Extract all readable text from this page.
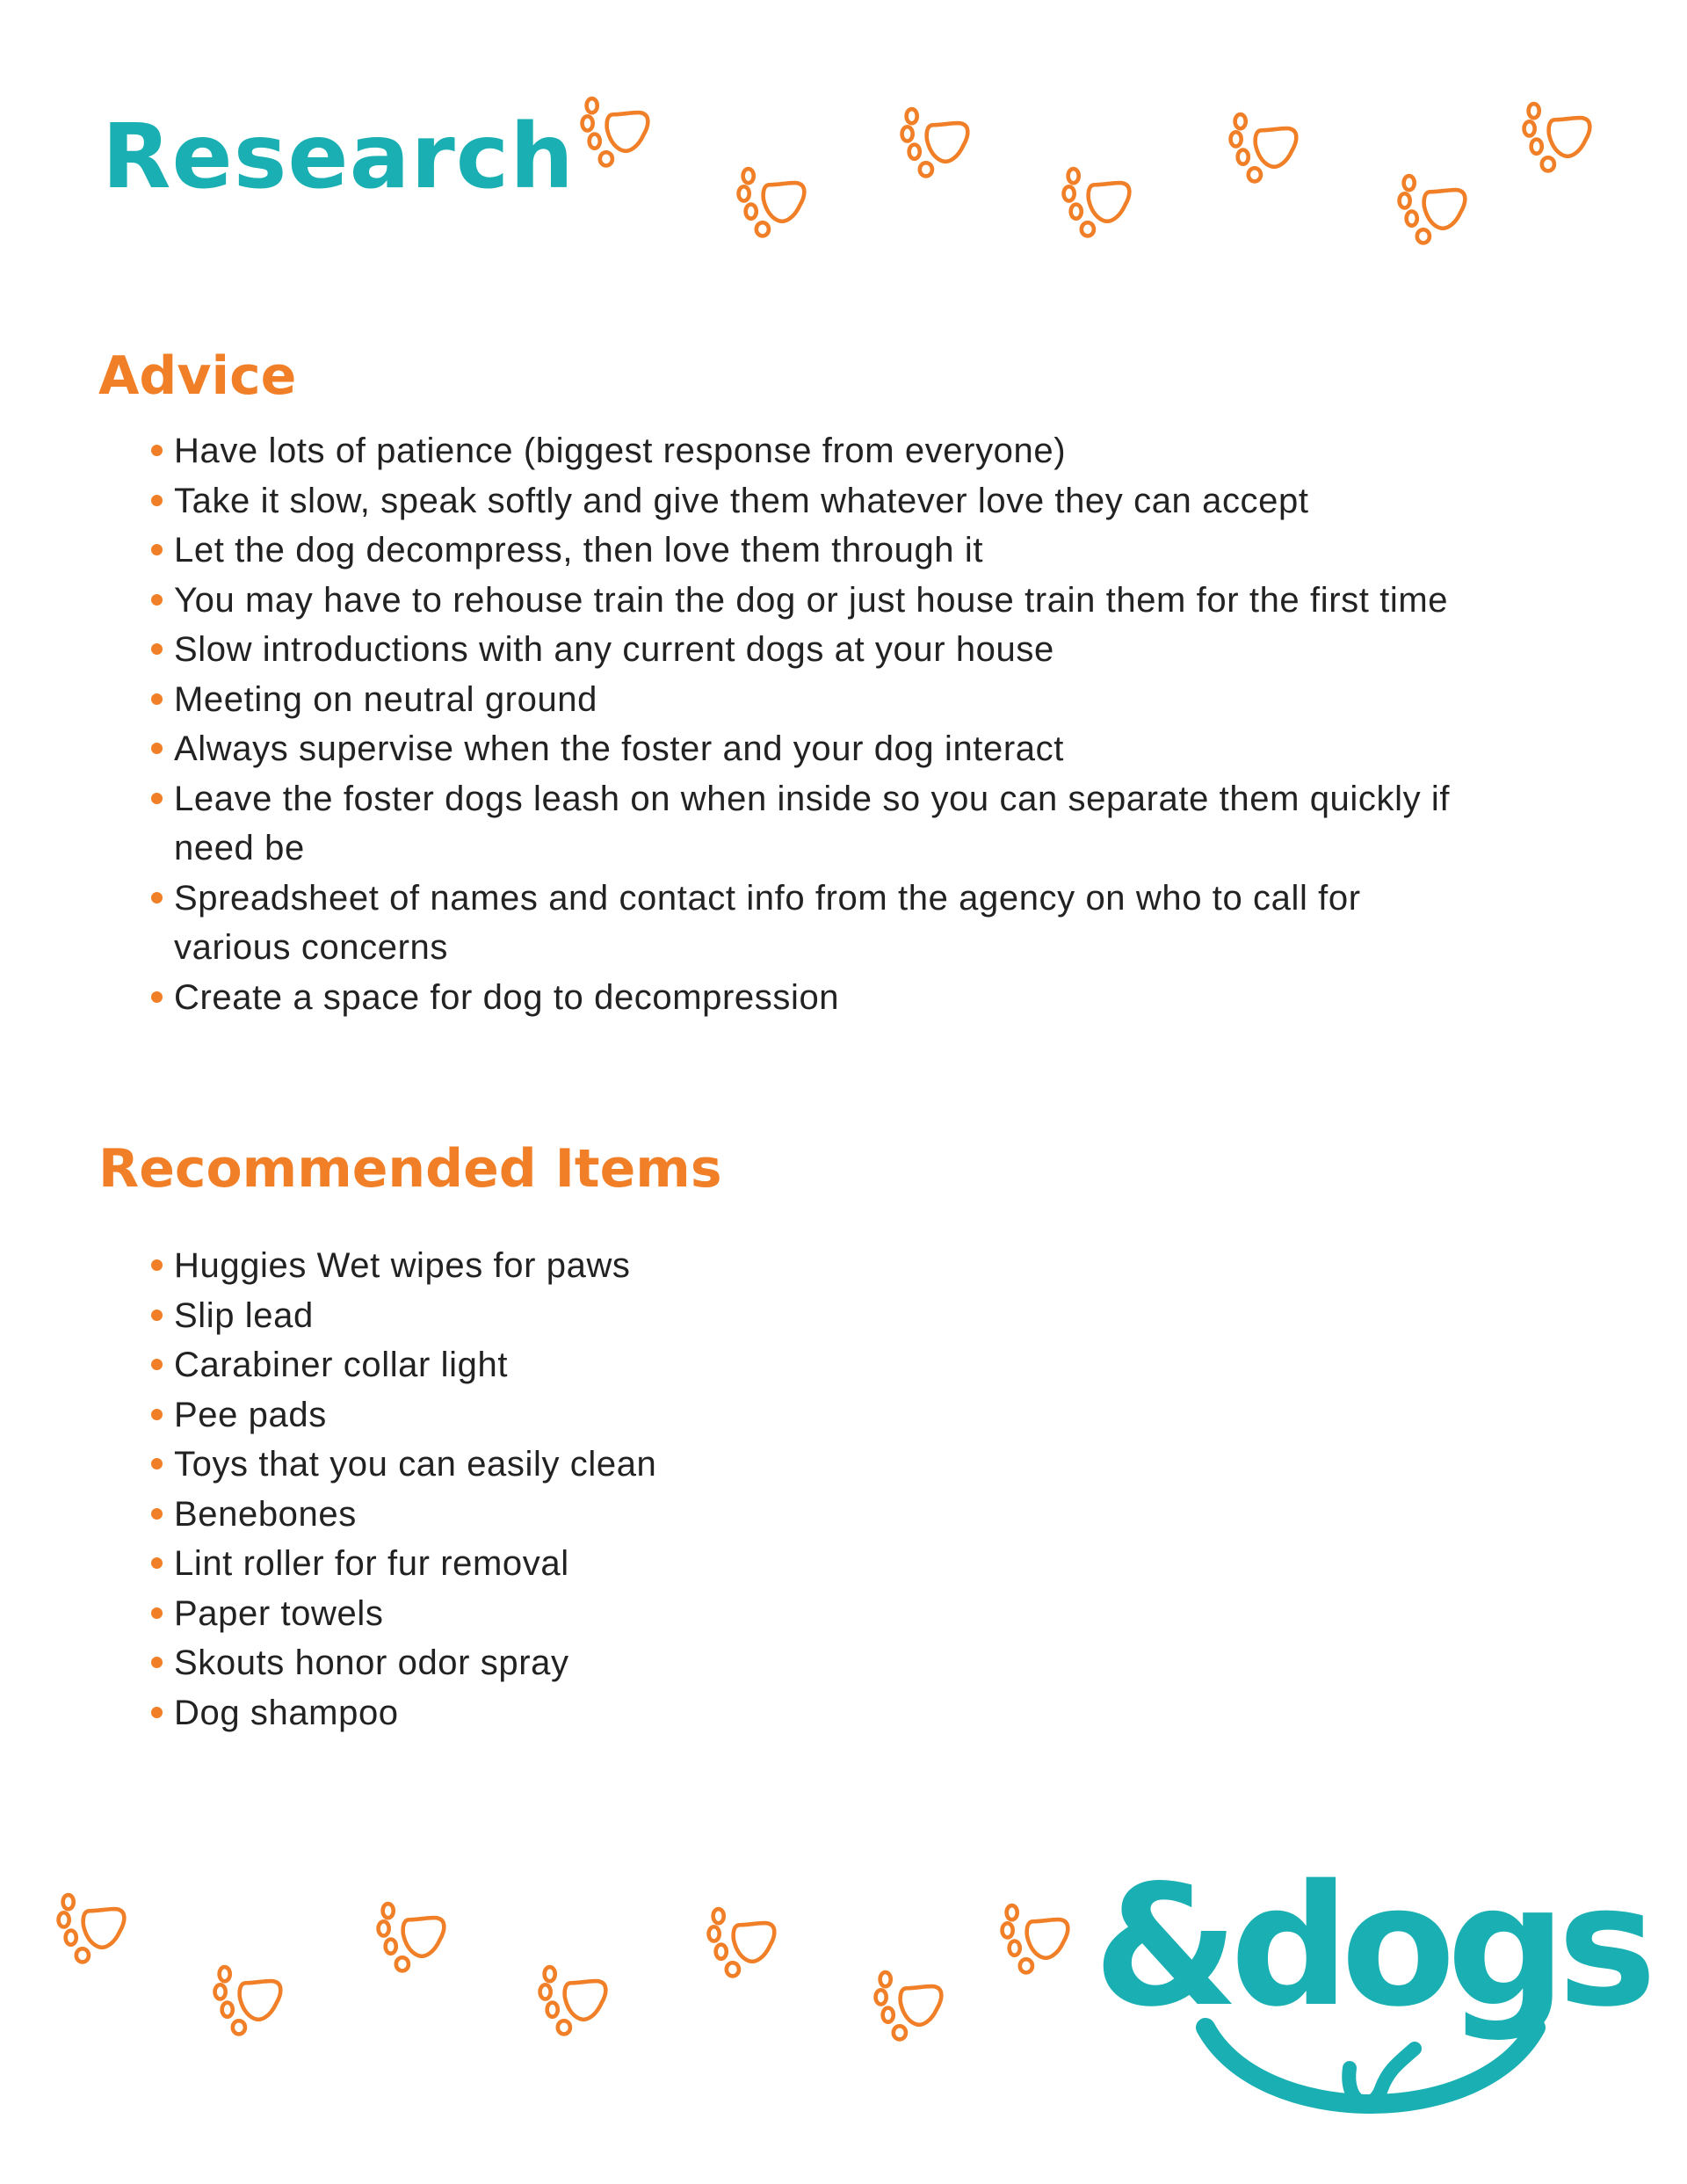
Research
Advice
Have lots of patience (biggest response from everyone)
Take it slow, speak softly and give them whatever love they can accept
Let the dog decompress, then love them through it
You may have to rehouse train the dog or just house train them for the first time
Slow introductions with any current dogs at your house
Meeting on neutral ground
Always supervise when the foster and your dog interact
Leave the foster dogs leash on when inside so you can separate them quickly if need be
Spreadsheet of names and contact info from the agency on who to call for various concerns
Create a space for dog to decompression
Recommended Items
Huggies Wet wipes for paws
Slip lead
Carabiner collar light
Pee pads
Toys that you can easily clean
Benebones
Lint roller for fur removal
Paper towels
Skouts honor odor spray
Dog shampoo
&dogs
